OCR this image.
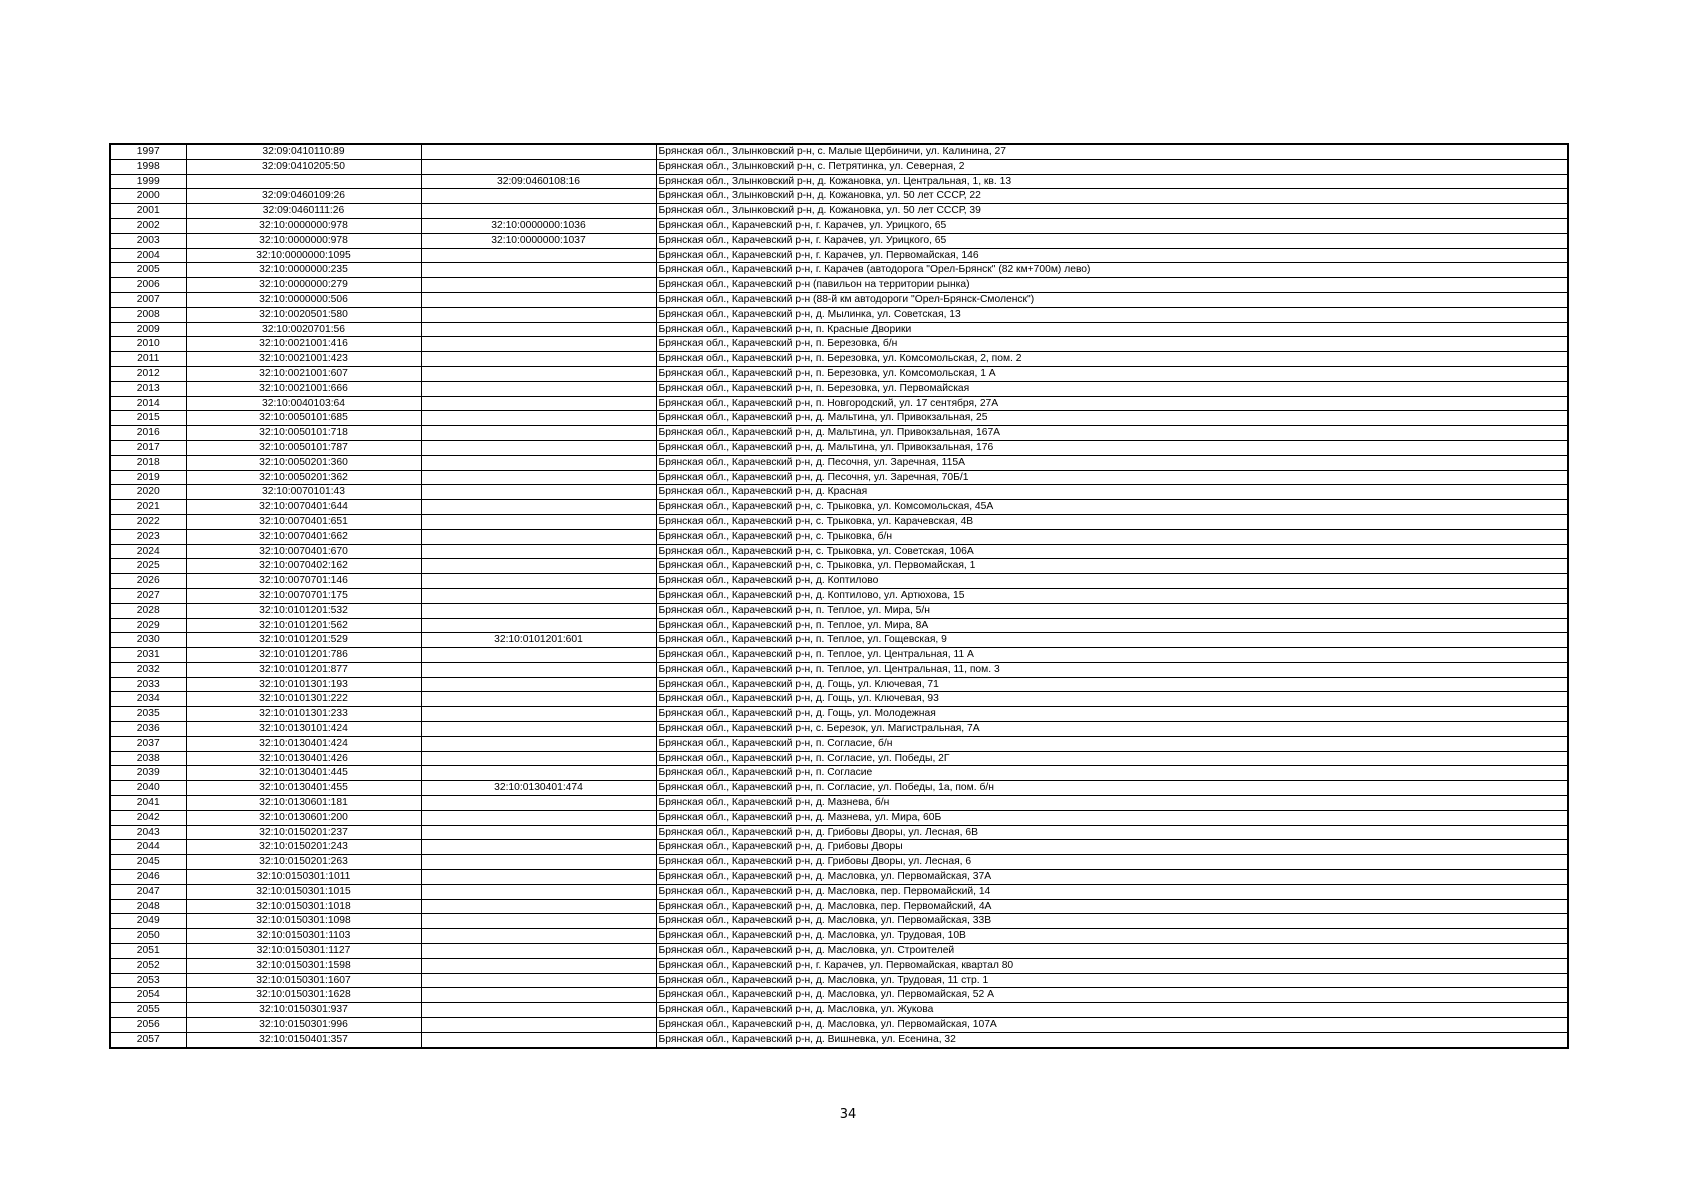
1997	32:09:0410110:89		Брянская обл., Злынковский р-н, с. Малые Щербиничи, ул. Калинина, 27
1998	32:09:0410205:50		Брянская обл., Злынковский р-н, с. Петрятинка, ул. Северная, 2
1999		32:09:0460108:16	Брянская обл., Злынковский р-н, д. Кожановка, ул. Центральная, 1, кв. 13
2000	32:09:0460109:26		Брянская обл., Злынковский р-н, д. Кожановка, ул. 50 лет СССР, 22
2001	32:09:0460111:26		Брянская обл., Злынковский р-н, д. Кожановка, ул. 50 лет СССР, 39
2002	32:10:0000000:978	32:10:0000000:1036	Брянская обл., Карачевский р-н, г. Карачев, ул. Урицкого, 65
2003	32:10:0000000:978	32:10:0000000:1037	Брянская обл., Карачевский р-н, г. Карачев, ул. Урицкого, 65
2004	32:10:0000000:1095		Брянская обл., Карачевский р-н, г. Карачев, ул. Первомайская, 146
2005	32:10:0000000:235		Брянская обл., Карачевский р-н, г. Карачев (автодорога "Орел-Брянск" (82 км+700м) лево)
2006	32:10:0000000:279		Брянская обл., Карачевский р-н (павильон на территории рынка)
2007	32:10:0000000:506		Брянская обл., Карачевский р-н (88-й км автодороги "Орел-Брянск-Смоленск")
2008	32:10:0020501:580		Брянская обл., Карачевский р-н, д. Мылинка, ул. Советская, 13
2009	32:10:0020701:56		Брянская обл., Карачевский р-н, п. Красные Дворики
2010	32:10:0021001:416		Брянская обл., Карачевский р-н, п. Березовка, б/н
2011	32:10:0021001:423		Брянская обл., Карачевский р-н, п. Березовка, ул. Комсомольская, 2, пом. 2
2012	32:10:0021001:607		Брянская обл., Карачевский р-н, п. Березовка, ул. Комсомольская, 1 А
2013	32:10:0021001:666		Брянская обл., Карачевский р-н, п. Березовка, ул. Первомайская
2014	32:10:0040103:64		Брянская обл., Карачевский р-н, п. Новгородский, ул. 17 сентября, 27А
2015	32:10:0050101:685		Брянская обл., Карачевский р-н, д. Мальтина, ул. Привокзальная, 25
2016	32:10:0050101:718		Брянская обл., Карачевский р-н, д. Мальтина, ул. Привокзальная, 167А
2017	32:10:0050101:787		Брянская обл., Карачевский р-н, д. Мальтина, ул. Привокзальная, 176
2018	32:10:0050201:360		Брянская обл., Карачевский р-н, д. Песочня, ул. Заречная, 115А
2019	32:10:0050201:362		Брянская обл., Карачевский р-н, д. Песочня, ул. Заречная, 70Б/1
2020	32:10:0070101:43		Брянская обл., Карачевский р-н, д. Красная
2021	32:10:0070401:644		Брянская обл., Карачевский р-н, с. Трыковка, ул. Комсомольская, 45А
2022	32:10:0070401:651		Брянская обл., Карачевский р-н, с. Трыковка, ул. Карачевская, 4В
2023	32:10:0070401:662		Брянская обл., Карачевский р-н, с. Трыковка, б/н
2024	32:10:0070401:670		Брянская обл., Карачевский р-н, с. Трыковка, ул. Советская, 106А
2025	32:10:0070402:162		Брянская обл., Карачевский р-н, с. Трыковка, ул. Первомайская, 1
2026	32:10:0070701:146		Брянская обл., Карачевский р-н, д. Коптилово
2027	32:10:0070701:175		Брянская обл., Карачевский р-н, д. Коптилово, ул. Артюхова, 15
2028	32:10:0101201:532		Брянская обл., Карачевский р-н, п. Теплое, ул. Мира, 5/н
2029	32:10:0101201:562		Брянская обл., Карачевский р-н, п. Теплое, ул. Мира, 8А
2030	32:10:0101201:529	32:10:0101201:601	Брянская обл., Карачевский р-н, п. Теплое, ул. Гощевская, 9
2031	32:10:0101201:786		Брянская обл., Карачевский р-н, п. Теплое, ул. Центральная, 11 А
2032	32:10:0101201:877		Брянская обл., Карачевский р-н, п. Теплое, ул. Центральная, 11, пом. 3
2033	32:10:0101301:193		Брянская обл., Карачевский р-н, д. Гощь, ул. Ключевая, 71
2034	32:10:0101301:222		Брянская обл., Карачевский р-н, д. Гощь, ул. Ключевая, 93
2035	32:10:0101301:233		Брянская обл., Карачевский р-н, д. Гощь, ул. Молодежная
2036	32:10:0130101:424		Брянская обл., Карачевский р-н, с. Березок, ул. Магистральная, 7А
2037	32:10:0130401:424		Брянская обл., Карачевский р-н, п. Согласие, б/н
2038	32:10:0130401:426		Брянская обл., Карачевский р-н, п. Согласие, ул. Победы, 2Г
2039	32:10:0130401:445		Брянская обл., Карачевский р-н, п. Согласие
2040	32:10:0130401:455	32:10:0130401:474	Брянская обл., Карачевский р-н, п. Согласие, ул. Победы, 1а, пом. б/н
2041	32:10:0130601:181		Брянская обл., Карачевский р-н, д. Мазнева, б/н
2042	32:10:0130601:200		Брянская обл., Карачевский р-н, д. Мазнева, ул. Мира, 60Б
2043	32:10:0150201:237		Брянская обл., Карачевский р-н, д. Грибовы Дворы, ул. Лесная, 6В
2044	32:10:0150201:243		Брянская обл., Карачевский р-н, д. Грибовы Дворы
2045	32:10:0150201:263		Брянская обл., Карачевский р-н, д. Грибовы Дворы, ул. Лесная, 6
2046	32:10:0150301:1011		Брянская обл., Карачевский р-н, д. Масловка, ул. Первомайская, 37А
2047	32:10:0150301:1015		Брянская обл., Карачевский р-н, д. Масловка, пер. Первомайский, 14
2048	32:10:0150301:1018		Брянская обл., Карачевский р-н, д. Масловка, пер. Первомайский, 4А
2049	32:10:0150301:1098		Брянская обл., Карачевский р-н, д. Масловка, ул. Первомайская, 33В
2050	32:10:0150301:1103		Брянская обл., Карачевский р-н, д. Масловка, ул. Трудовая, 10В
2051	32:10:0150301:1127		Брянская обл., Карачевский р-н, д. Масловка, ул. Строителей
2052	32:10:0150301:1598		Брянская обл., Карачевский р-н, г. Карачев, ул. Первомайская, квартал 80
2053	32:10:0150301:1607		Брянская обл., Карачевский р-н, д. Масловка, ул. Трудовая, 11 стр. 1
2054	32:10:0150301:1628		Брянская обл., Карачевский р-н, д. Масловка, ул. Первомайская, 52 А
2055	32:10:0150301:937		Брянская обл., Карачевский р-н, д. Масловка, ул. Жукова
2056	32:10:0150301:996		Брянская обл., Карачевский р-н, д. Масловка, ул. Первомайская, 107А
2057	32:10:0150401:357		Брянская обл., Карачевский р-н, д. Вишневка, ул. Есенина, 32
34
